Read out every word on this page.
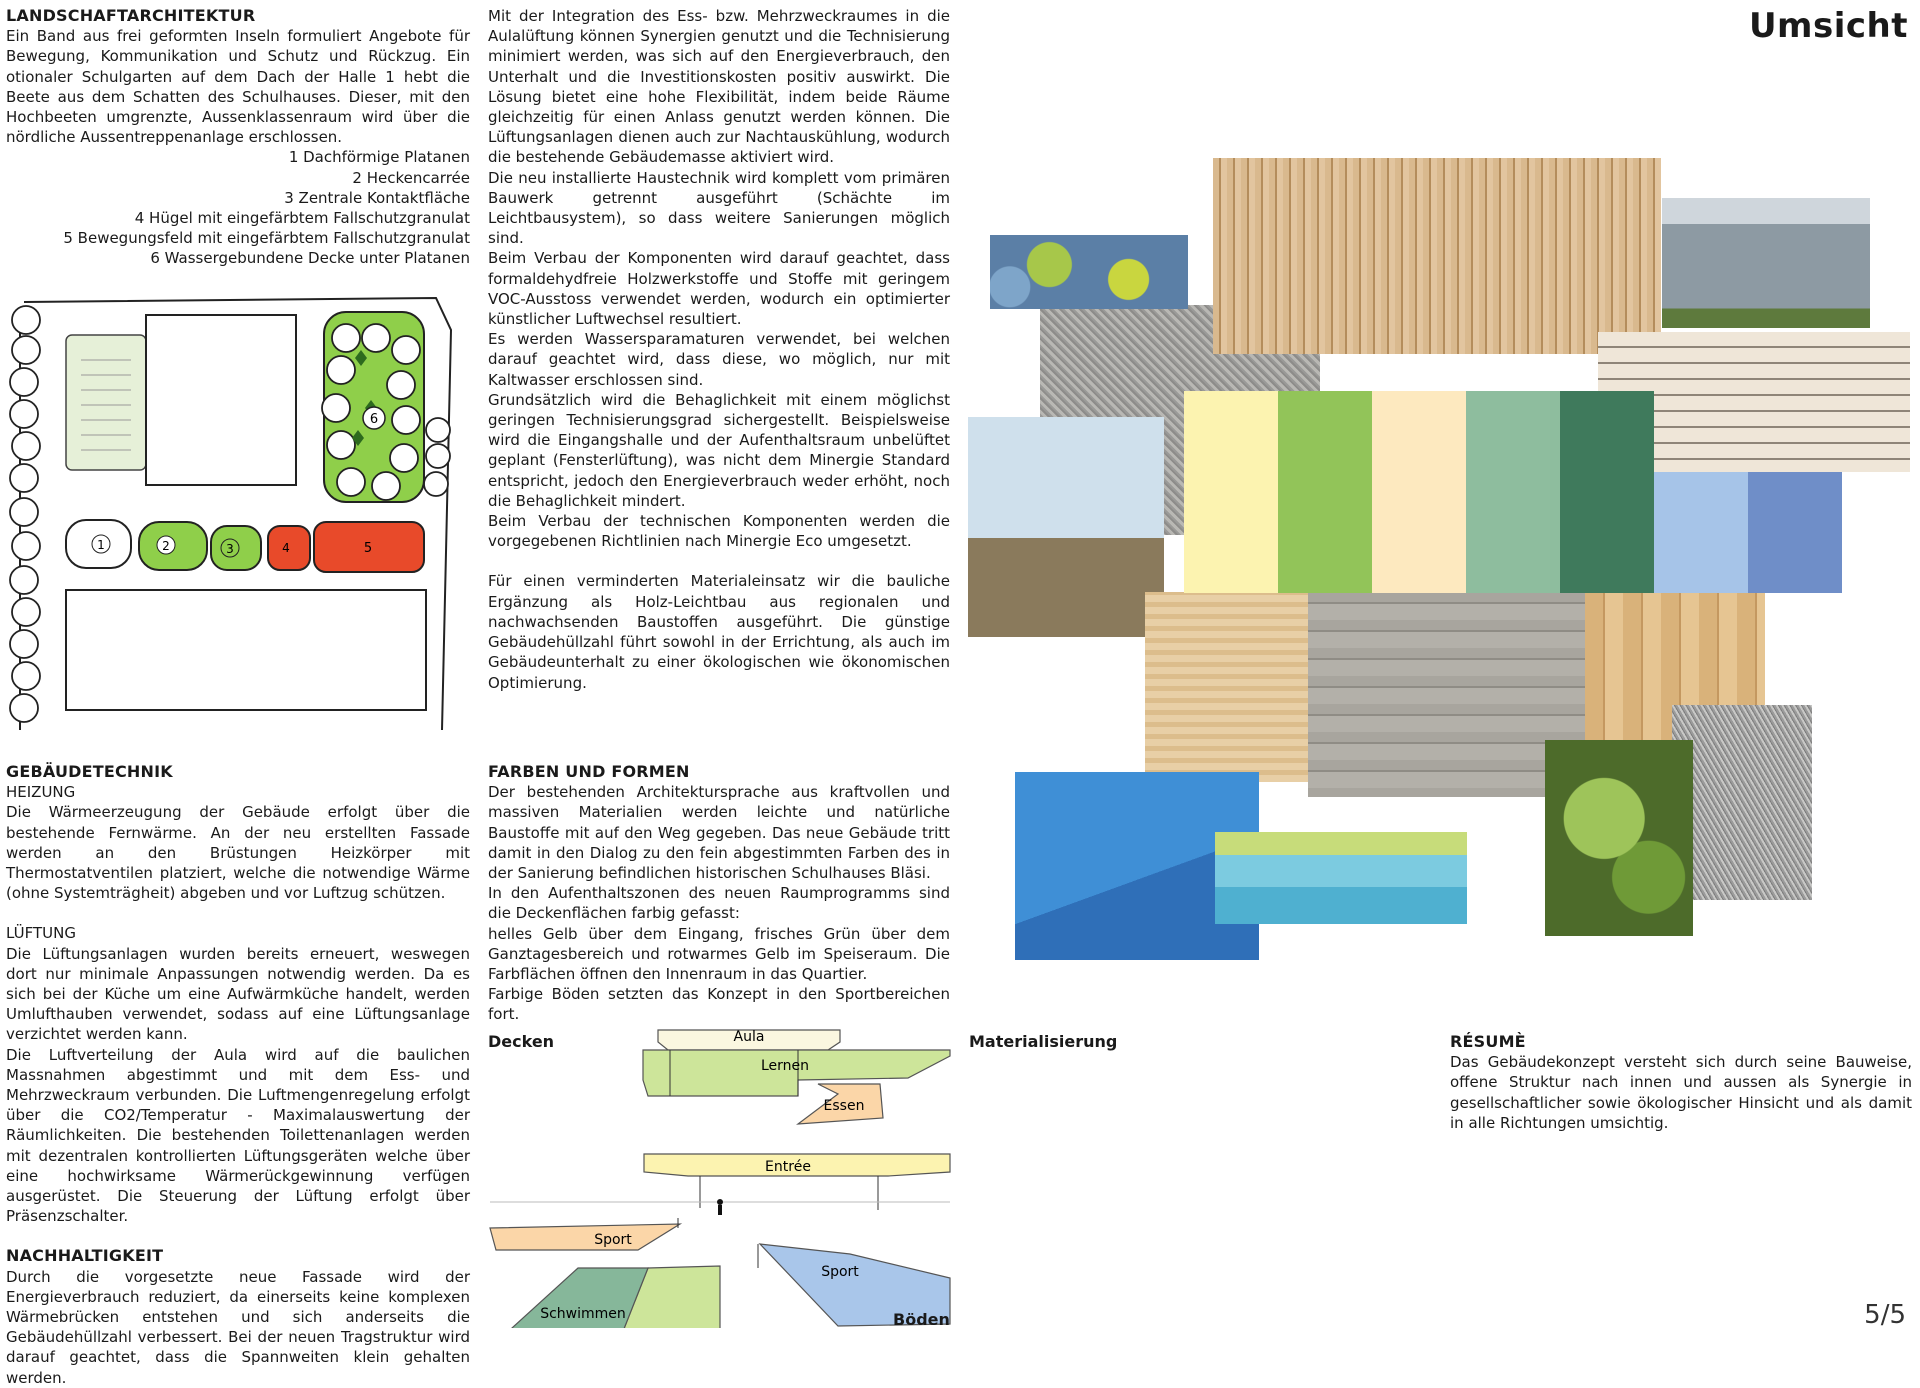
LANDSCHAFTARCHITEKTUR

Ein Band aus frei geformten Inseln formuliert Angebote für Bewegung, Kommunikation und Schutz und Rückzug. Ein otionaler Schulgarten auf dem Dach der Halle 1 hebt die Beete aus dem Schatten des Schulhauses. Dieser, mit den Hochbeeten umgrenzte, Aussenklassenraum wird über die nördliche Aussentreppenanlage erschlossen.

1 Dachförmige Platanen

2 Heckencarrée

3 Zentrale Kontaktfläche

4 Hügel mit eingefärbtem Fallschutzgranulat

5 Bewegungsfeld mit eingefärbtem Fallschutzgranulat

6 Wassergebundene Decke unter Platanen

6
1	2	3	4	5

GEBÄUDETECHNIK

HEIZUNG

Die Wärmeerzeugung der Gebäude erfolgt über die bestehende Fernwärme. An der neu erstellten Fassade werden an den Brüstungen Heizkörper mit Thermostatventilen platziert, welche die notwendige Wärme (ohne Systemträgheit) abgeben und vor Luftzug schützen.

LÜFTUNG

Die Lüftungsanlagen wurden bereits erneuert, weswegen dort nur minimale Anpassungen notwendig werden. Da es sich bei der Küche um eine Aufwärmküche handelt, werden Umlufthauben verwendet, sodass auf eine Lüftungsanlage verzichtet werden kann.

Die Luftverteilung der Aula wird auf die baulichen Massnahmen abgestimmt und mit dem Ess- und Mehrzweckraum verbunden. Die Luftmengenregelung erfolgt über die CO2/Temperatur - Maximalauswertung der Räumlichkeiten. Die bestehenden Toilettenanlagen werden mit dezentralen kontrollierten Lüftungsgeräten welche über eine hochwirksame Wärmerückgewinnung verfügen ausgerüstet. Die Steuerung der Lüftung erfolgt über Präsenzschalter.

NACHHALTIGKEIT

Durch die vorgesetzte neue Fassade wird der Energieverbrauch reduziert, da einerseits keine komplexen Wärmebrücken entstehen und sich anderseits die Gebäudehüllzahl verbessert. Bei der neuen Tragstruktur wird darauf geachtet, dass die Spannweiten klein gehalten werden.

Mit der Integration des Ess- bzw. Mehrzweckraumes in die Aulalüftung können Synergien genutzt und die Technisierung minimiert werden, was sich auf den Energieverbrauch, den Unterhalt und die Investitionskosten positiv auswirkt. Die Lösung bietet eine hohe Flexibilität, indem beide Räume gleichzeitig für einen Anlass genutzt werden können. Die Lüftungsanlagen dienen auch zur Nachtauskühlung, wodurch die bestehende Gebäudemasse aktiviert wird.

Die neu installierte Haustechnik wird komplett vom primären Bauwerk getrennt ausgeführt (Schächte im Leichtbausystem), so dass weitere Sanierungen möglich sind.

Beim Verbau der Komponenten wird darauf geachtet, dass formaldehydfreie Holzwerkstoffe und Stoffe mit geringem VOC-Ausstoss verwendet werden, wodurch ein optimierter künstlicher Luftwechsel resultiert.

Es werden Wassersparamaturen verwendet, bei welchen darauf geachtet wird, dass diese, wo möglich, nur mit Kaltwasser erschlossen sind.

Grundsätzlich wird die Behaglichkeit mit einem möglichst geringen Technisierungsgrad sichergestellt. Beispielsweise wird die Eingangshalle und der Aufenthaltsraum unbelüftet geplant (Fensterlüftung), was nicht dem Minergie Standard entspricht, jedoch den Energieverbrauch weder erhöht, noch die Behaglichkeit mindert.

Beim Verbau der technischen Komponenten werden die vorgegebenen Richtlinien nach Minergie Eco umgesetzt.

Für einen verminderten Materialeinsatz wir die bauliche Ergänzung als Holz-Leichtbau aus regionalen und nachwachsenden Baustoffen ausgeführt. Die günstige Gebäudehüllzahl führt sowohl in der Errichtung, als auch im Gebäudeunterhalt zu einer ökologischen wie ökonomischen Optimierung.

FARBEN UND FORMEN

Der bestehenden Architektursprache aus kraftvollen und massiven Materialien werden leichte und natürliche Baustoffe mit auf den Weg gegeben. Das neue Gebäude tritt damit in den Dialog zu den fein abgestimmten Farben des in der Sanierung befindlichen historischen Schulhauses Bläsi.

In den Aufenthaltszonen des neuen Raumprogramms sind die Deckenflächen farbig gefasst:

helles Gelb über dem Eingang, frisches Grün über dem Ganztagesbereich und rotwarmes Gelb im Speiseraum. Die Farbflächen öffnen den Innenraum in das Quartier.

Farbige Böden setzten das Konzept in den Sportbereichen fort.

Decken	Aula
Lernen
Essen
Entrée
Sport
Schwimmen
Sport
Böden
Umsicht
Materialisierung	RÉSUMÈ

Das Gebäudekonzept versteht sich durch seine Bauweise, offene Struktur nach innen und aussen als Synergie in gesellschaftlicher sowie ökologischer Hinsicht und als damit in alle Richtungen umsichtig.

5/5
